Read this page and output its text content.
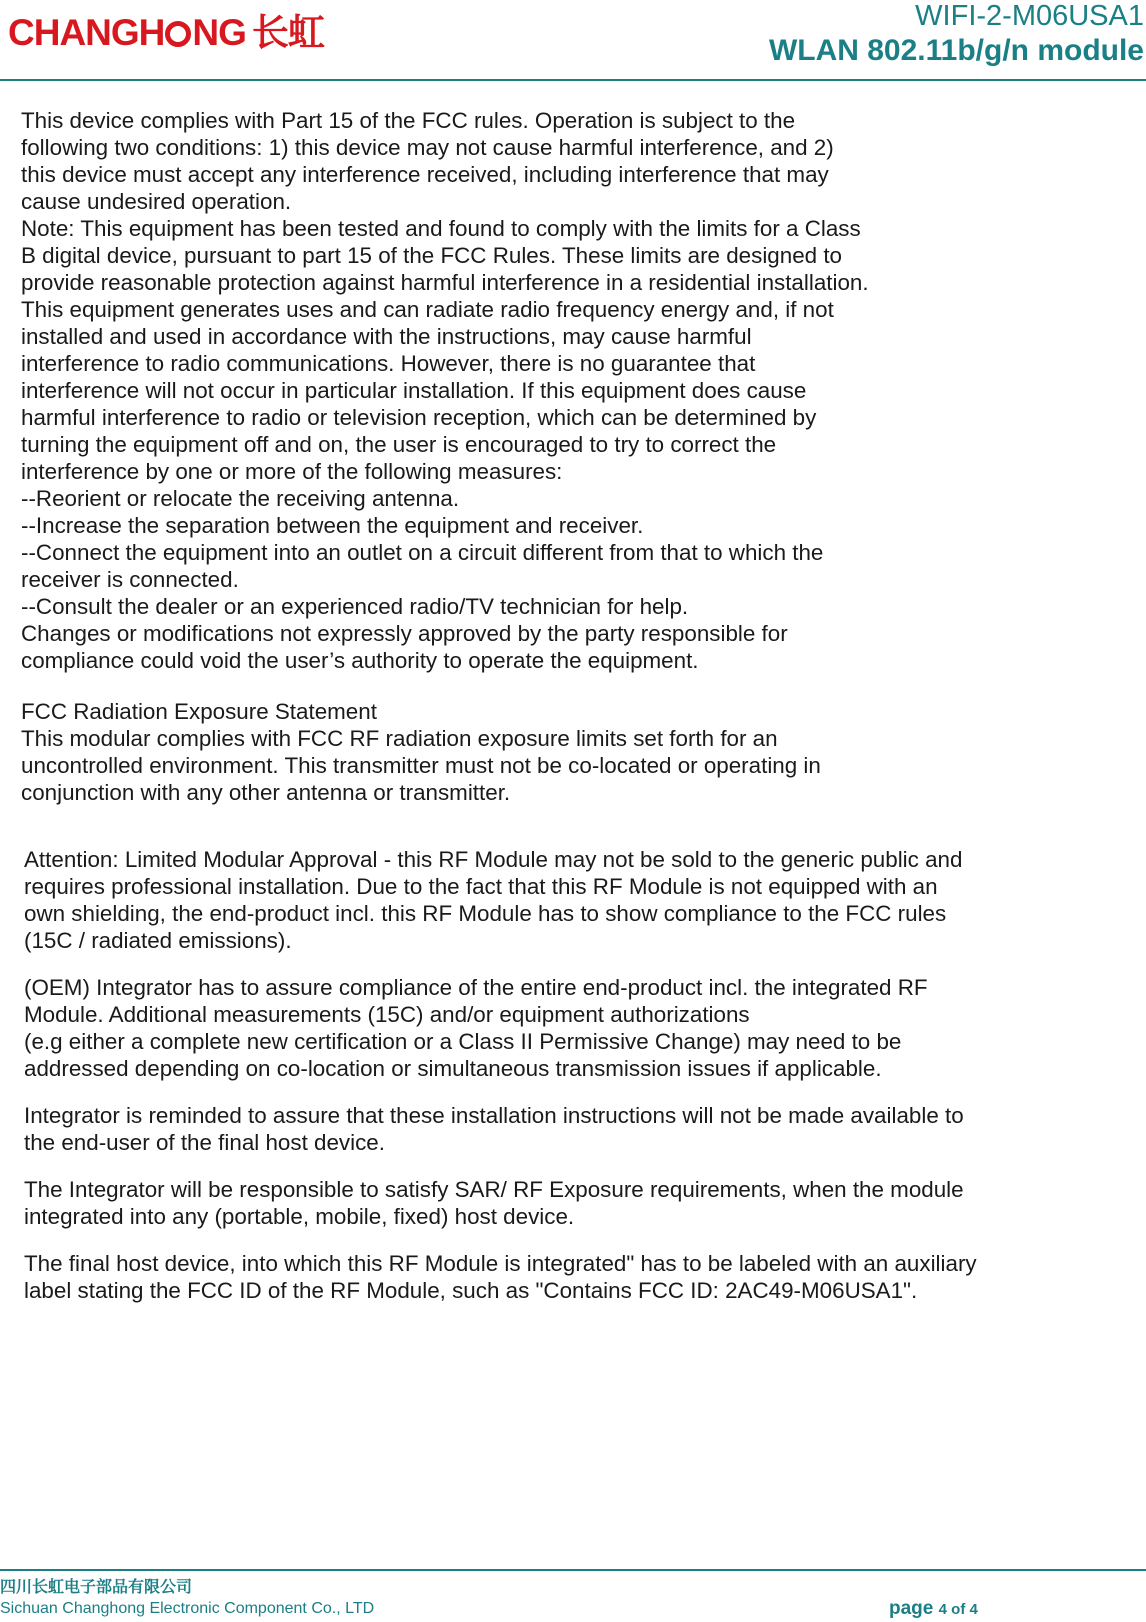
CHANGH NG 长虹	WIFI-2-M06USA1
WLAN 802.11b/g/n module

This device complies with Part 15 of the FCC rules. Operation is subject to the
following two conditions: 1) this device may not cause harmful interference, and 2)
this device must accept any interference received, including interference that may
cause undesired operation.

Note: This equipment has been tested and found to comply with the limits for a Class
B digital device, pursuant to part 15 of the FCC Rules. These limits are designed to
provide reasonable protection against harmful interference in a residential installation.
This equipment generates uses and can radiate radio frequency energy and, if not
installed and used in accordance with the instructions, may cause harmful
interference to radio communications. However, there is no guarantee that
interference will not occur in particular installation. If this equipment does cause
harmful interference to radio or television reception, which can be determined by
turning the equipment off and on, the user is encouraged to try to correct the
interference by one or more of the following measures:

--Reorient or relocate the receiving antenna.

--Increase the separation between the equipment and receiver.

--Connect the equipment into an outlet on a circuit different from that to which the
receiver is connected.

--Consult the dealer or an experienced radio/TV technician for help.

Changes or modifications not expressly approved by the party responsible for
compliance could void the user’s authority to operate the equipment.

FCC Radiation Exposure Statement

This modular complies with FCC RF radiation exposure limits set forth for an
uncontrolled environment. This transmitter must not be co-located or operating in
conjunction with any other antenna or transmitter.

Attention: Limited Modular Approval - this RF Module may not be sold to the generic public and
requires professional installation. Due to the fact that this RF Module is not equipped with an
own shielding, the end-product incl. this RF Module has to show compliance to the FCC rules
(15C / radiated emissions).

(OEM) Integrator has to assure compliance of the entire end-product incl. the integrated RF
Module. Additional measurements (15C) and/or equipment authorizations
(e.g either a complete new certification or a Class II Permissive Change) may need to be
addressed depending on co-location or simultaneous transmission issues if applicable.

Integrator is reminded to assure that these installation instructions will not be made available to
the end-user of the final host device.

The Integrator will be responsible to satisfy SAR/ RF Exposure requirements, when the module
integrated into any (portable, mobile, fixed) host device.

The final host device, into which this RF Module is integrated" has to be labeled with an auxiliary
label stating the FCC ID of the RF Module, such as "Contains FCC ID: 2AC49-M06USA1".

四川长虹电子部品有限公司
Sichuan Changhong Electronic Component Co., LTD	page 4 of 4
